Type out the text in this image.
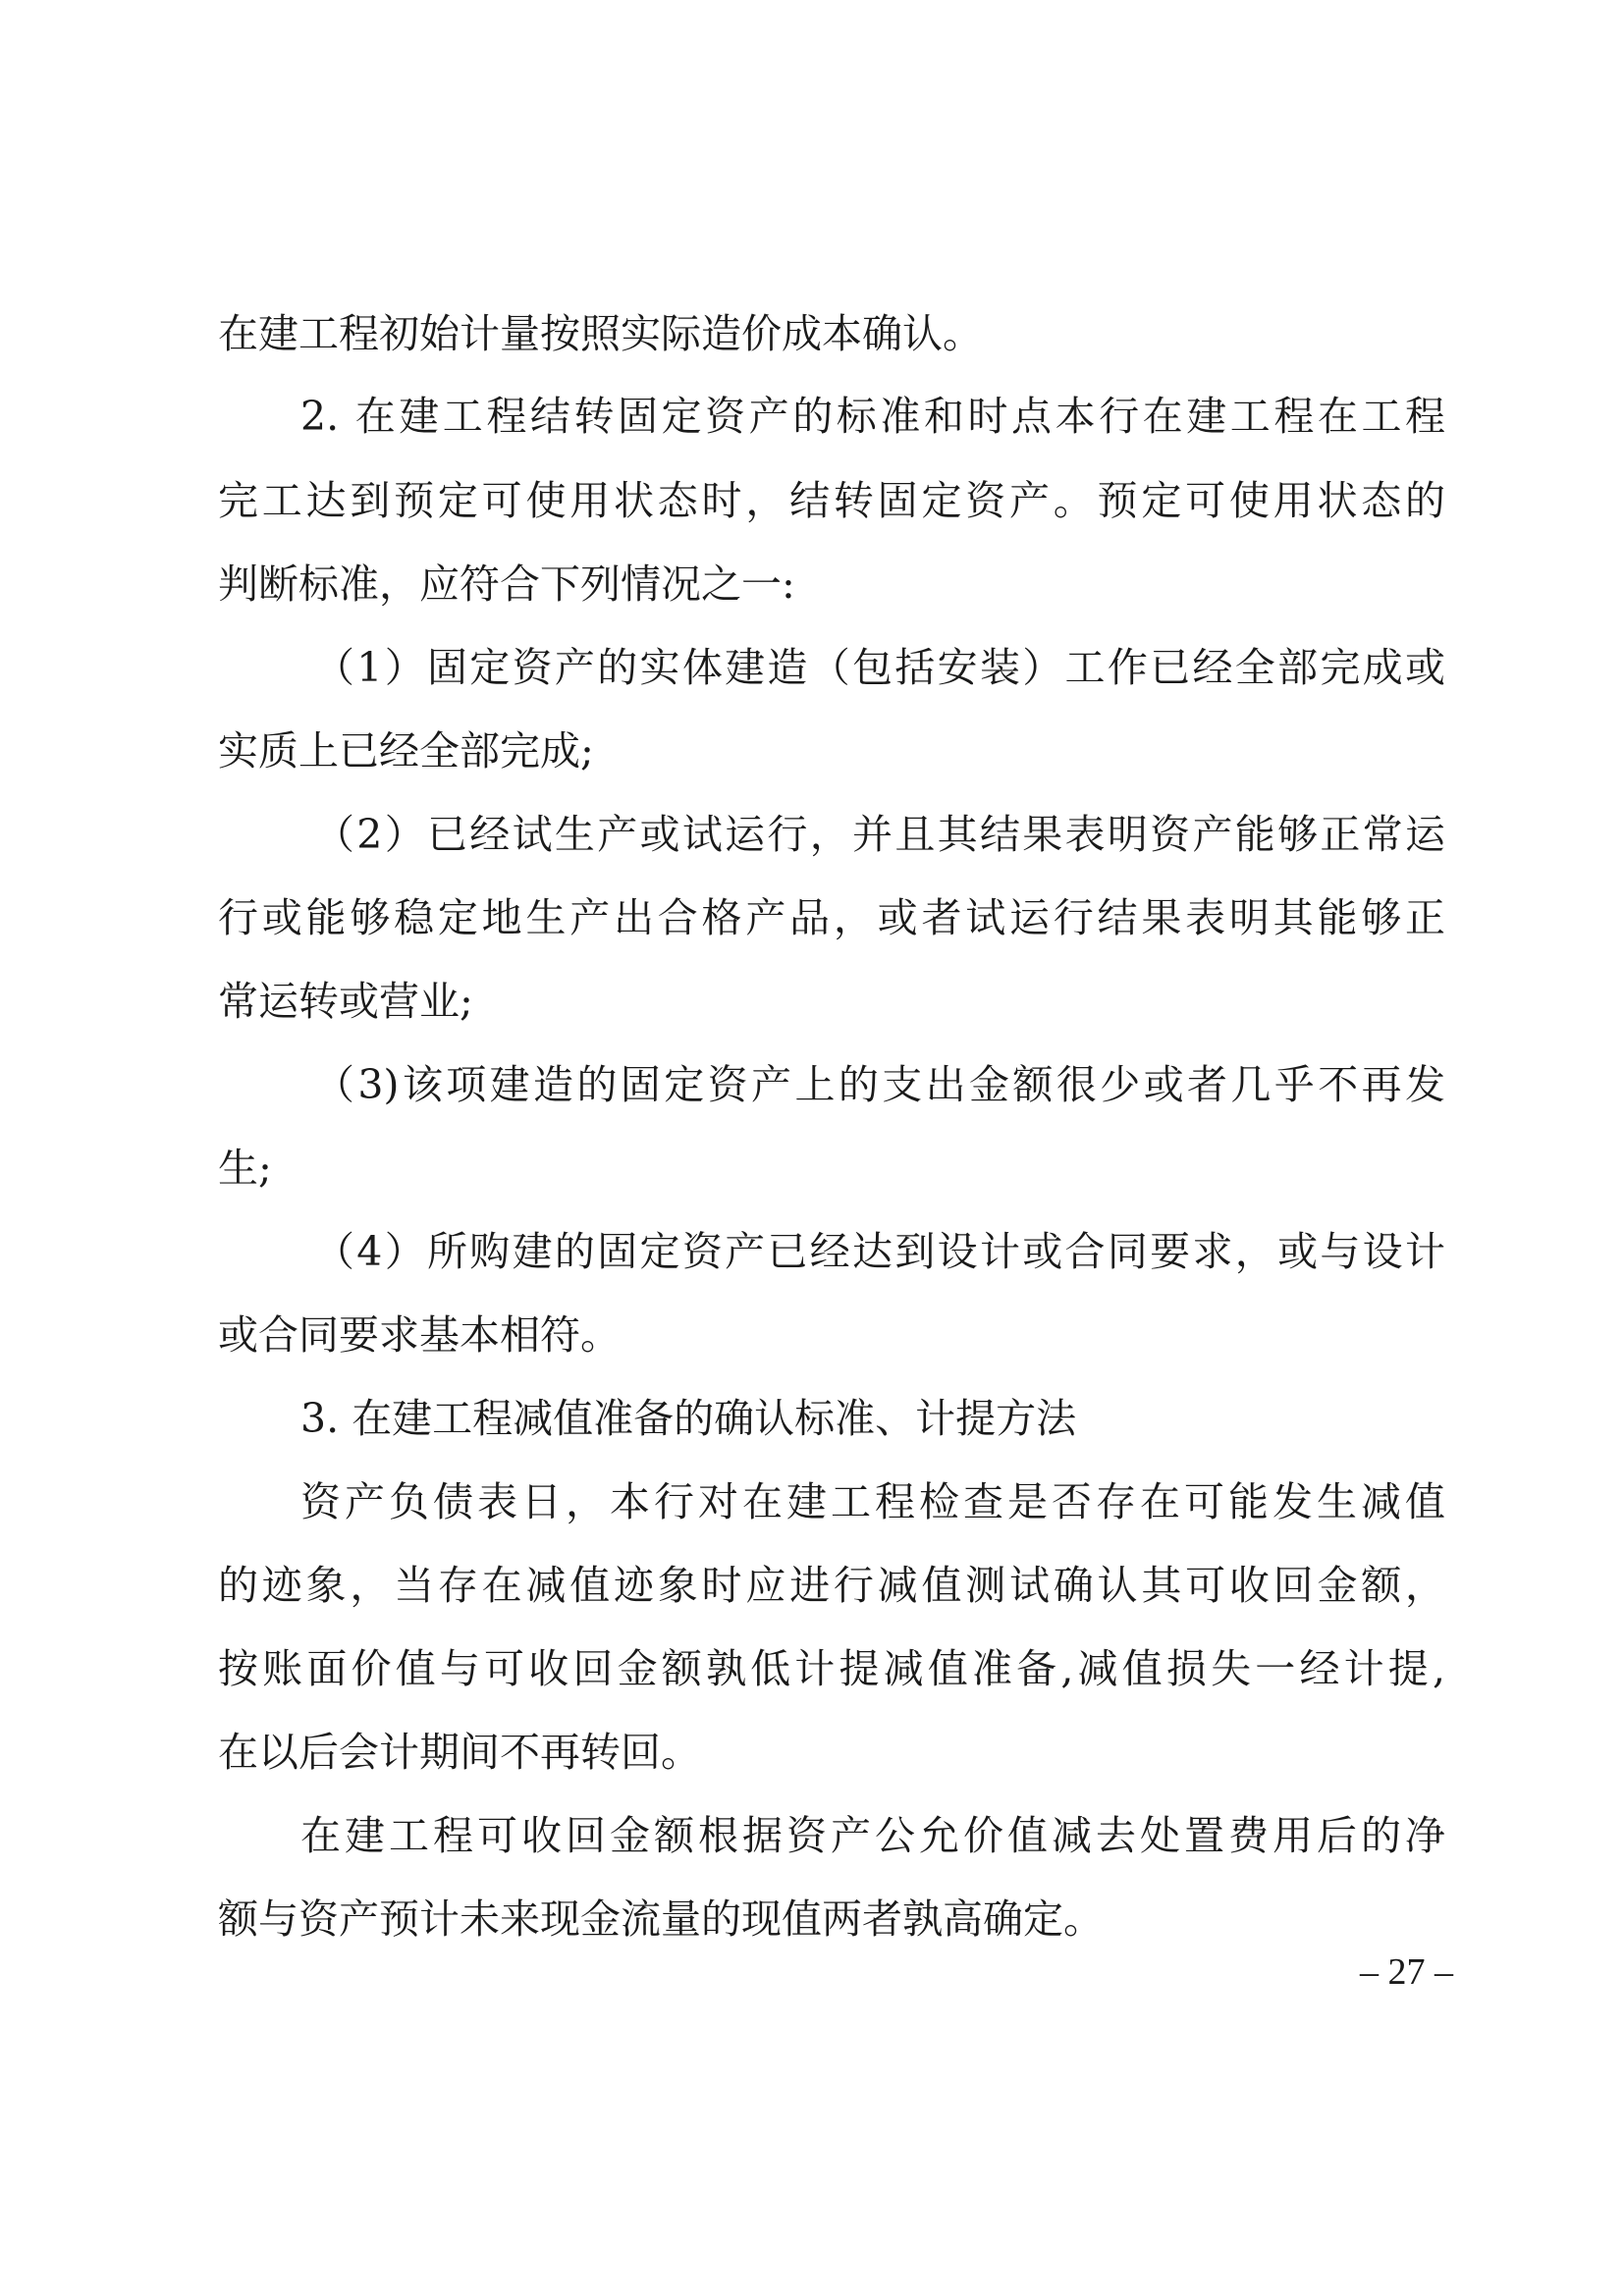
在建工程初始计量按照实际造价成本确认。
2. 在建工程结转固定资产的标准和时点本行在建工程在工程
完工达到预定可使用状态时，结转固定资产。预定可使用状态的
判断标准，应符合下列情况之一:
（1）固定资产的实体建造（包括安装）工作已经全部完成或
实质上已经全部完成;
（2）已经试生产或试运行，并且其结果表明资产能够正常运
行或能够稳定地生产出合格产品，或者试运行结果表明其能够正
常运转或营业;
（3)该项建造的固定资产上的支出金额很少或者几乎不再发
生;
（4）所购建的固定资产已经达到设计或合同要求，或与设计
或合同要求基本相符。
3. 在建工程减值准备的确认标准、计提方法
资产负债表日，本行对在建工程检查是否存在可能发生减值
的迹象，当存在减值迹象时应进行减值测试确认其可收回金额，
按账面价值与可收回金额孰低计提减值准备,减值损失一经计提,
在以后会计期间不再转回。
在建工程可收回金额根据资产公允价值减去处置费用后的净
额与资产预计未来现金流量的现值两者孰高确定。
– 27 –
